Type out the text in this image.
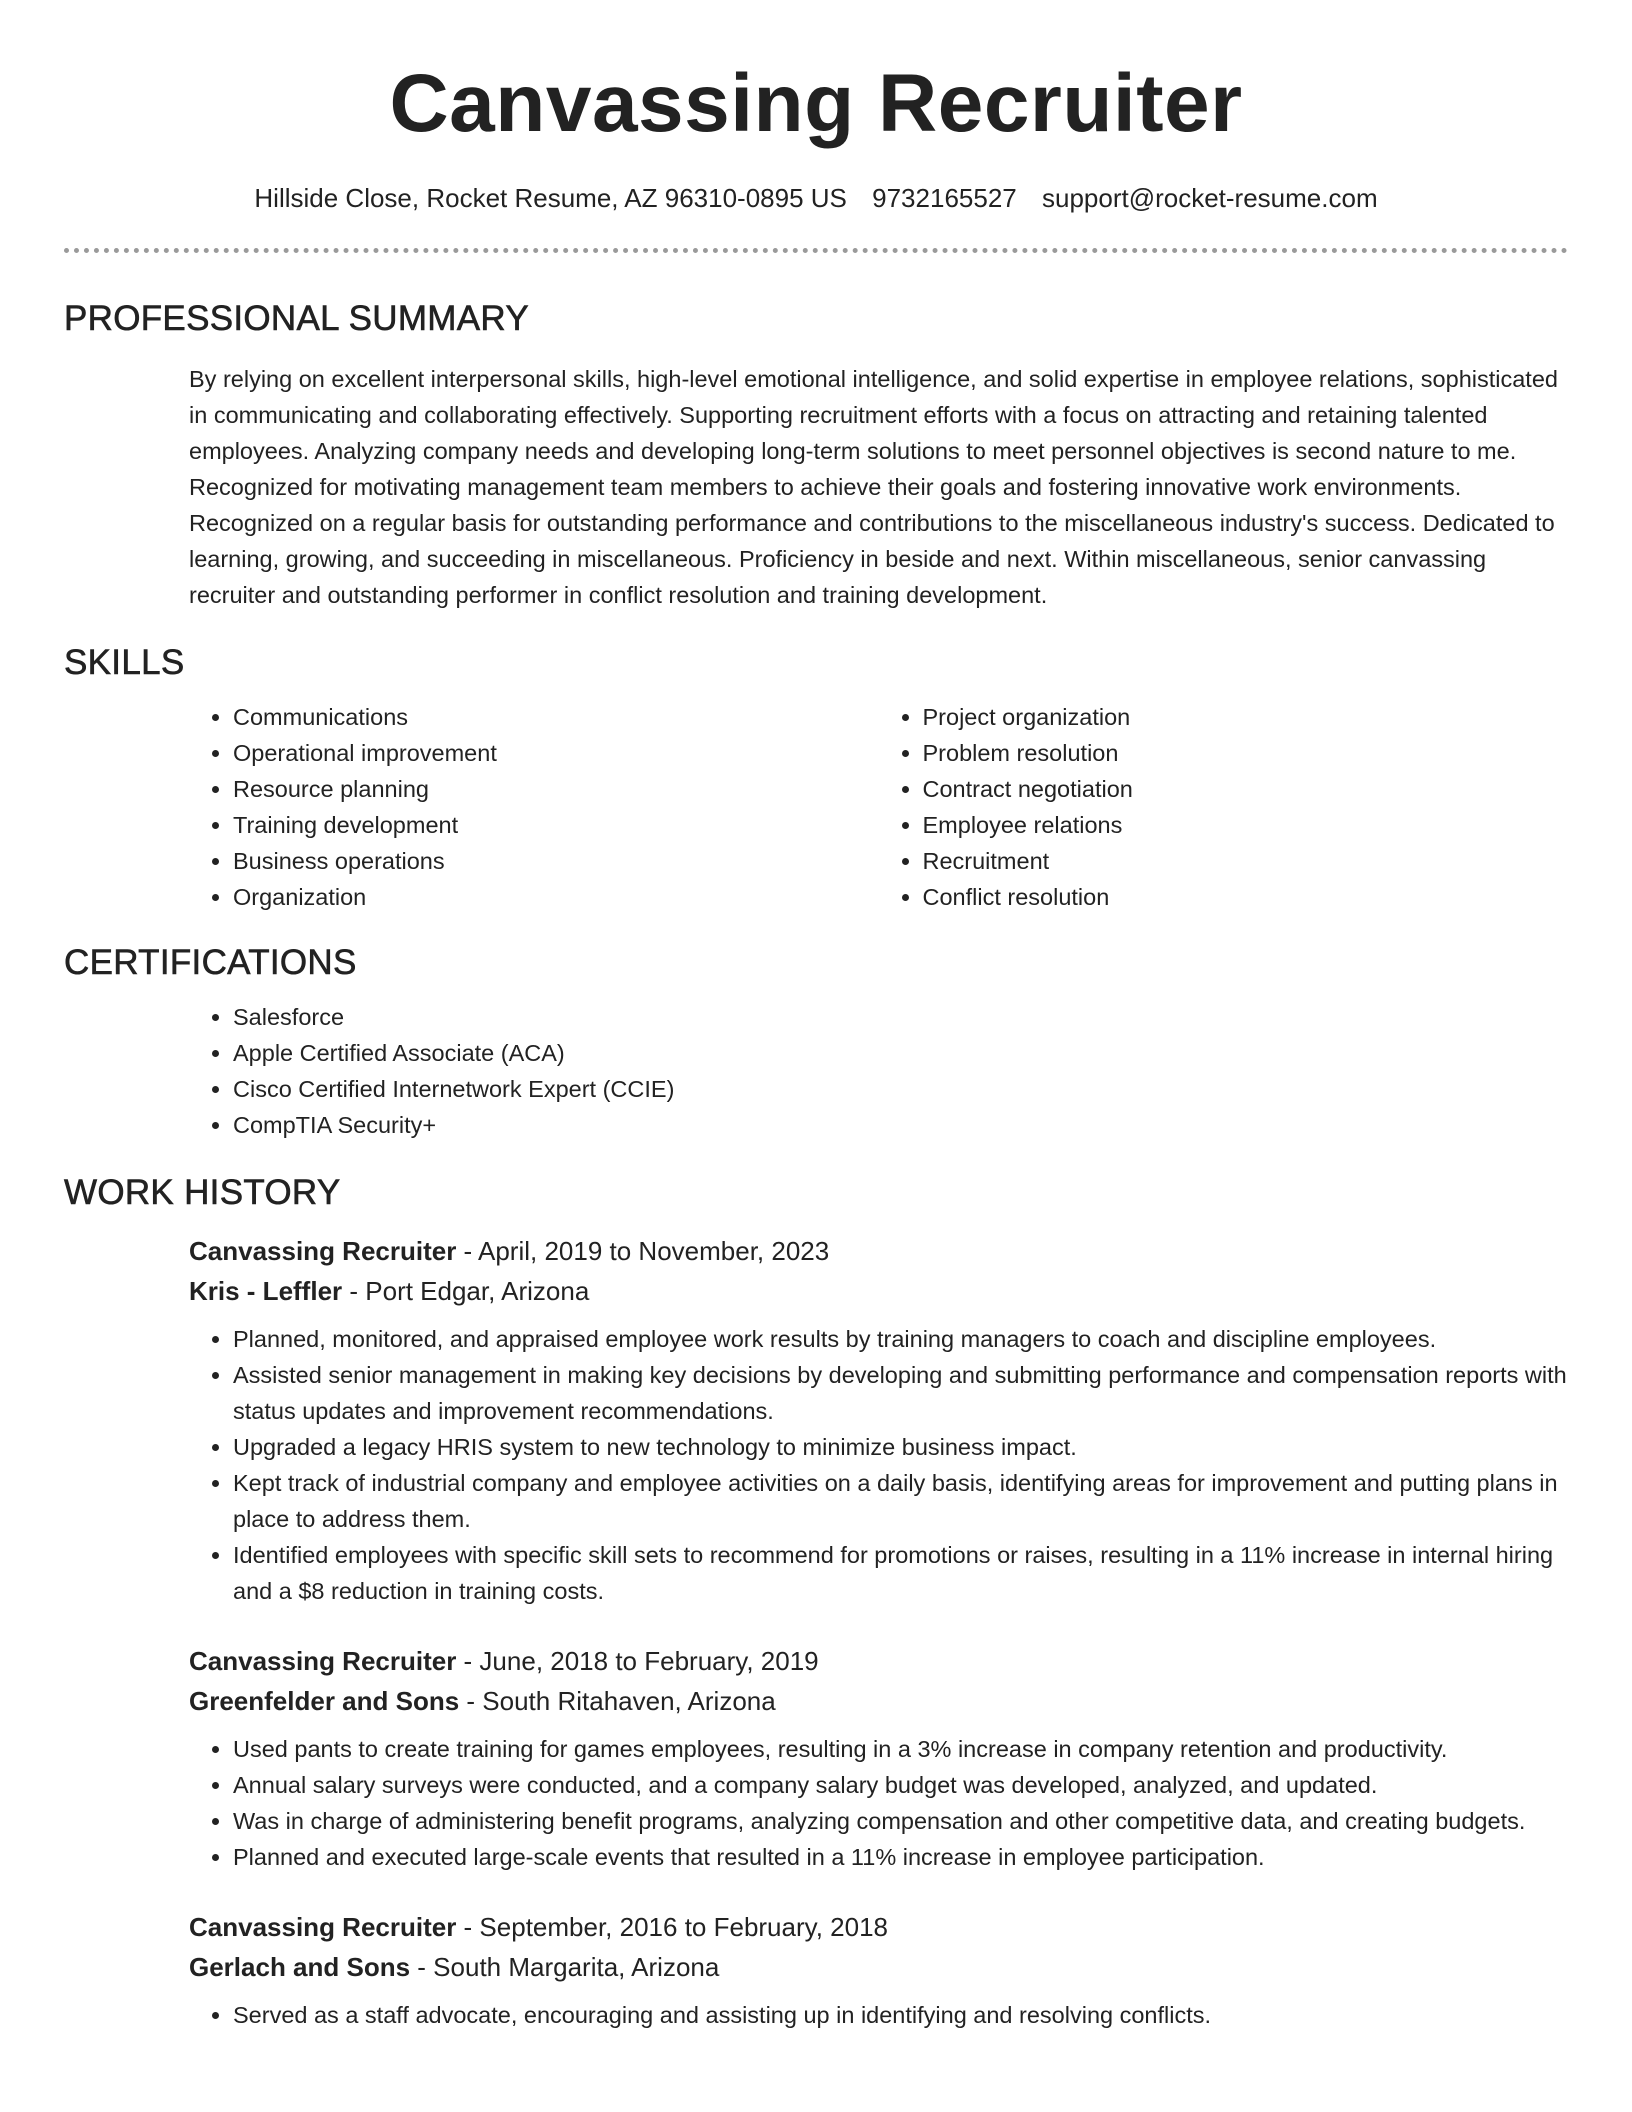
Canvassing Recruiter
Hillside Close, Rocket Resume, AZ 96310-0895 US 9732165527 support@rocket-resume.com
PROFESSIONAL SUMMARY

By relying on excellent interpersonal skills, high-level emotional intelligence, and solid expertise in employee relations, sophisticated in communicating and collaborating effectively. Supporting recruitment efforts with a focus on attracting and retaining talented employees. Analyzing company needs and developing long-term solutions to meet personnel objectives is second nature to me. Recognized for motivating management team members to achieve their goals and fostering innovative work environments. Recognized on a regular basis for outstanding performance and contributions to the miscellaneous industry's success. Dedicated to learning, growing, and succeeding in miscellaneous. Proficiency in beside and next. Within miscellaneous, senior canvassing recruiter and outstanding performer in conflict resolution and training development.

SKILLS
• Communications
• Operational improvement
• Resource planning
• Training development
• Business operations
• Organization
• Project organization
• Problem resolution
• Contract negotiation
• Employee relations
• Recruitment
• Conflict resolution
CERTIFICATIONS
• Salesforce
• Apple Certified Associate (ACA)
• Cisco Certified Internetwork Expert (CCIE)
• CompTIA Security+
WORK HISTORY
Canvassing Recruiter - April, 2019 to November, 2023
Kris - Leffler - Port Edgar, Arizona
• Planned, monitored, and appraised employee work results by training managers to coach and discipline employees.
• Assisted senior management in making key decisions by developing and submitting performance and compensation reports with status updates and improvement recommendations.
• Upgraded a legacy HRIS system to new technology to minimize business impact.
• Kept track of industrial company and employee activities on a daily basis, identifying areas for improvement and putting plans in place to address them.
• Identified employees with specific skill sets to recommend for promotions or raises, resulting in a 11% increase in internal hiring and a $8 reduction in training costs.
Canvassing Recruiter - June, 2018 to February, 2019
Greenfelder and Sons - South Ritahaven, Arizona
• Used pants to create training for games employees, resulting in a 3% increase in company retention and productivity.
• Annual salary surveys were conducted, and a company salary budget was developed, analyzed, and updated.
• Was in charge of administering benefit programs, analyzing compensation and other competitive data, and creating budgets.
• Planned and executed large-scale events that resulted in a 11% increase in employee participation.
Canvassing Recruiter - September, 2016 to February, 2018
Gerlach and Sons - South Margarita, Arizona
• Served as a staff advocate, encouraging and assisting up in identifying and resolving conflicts.
